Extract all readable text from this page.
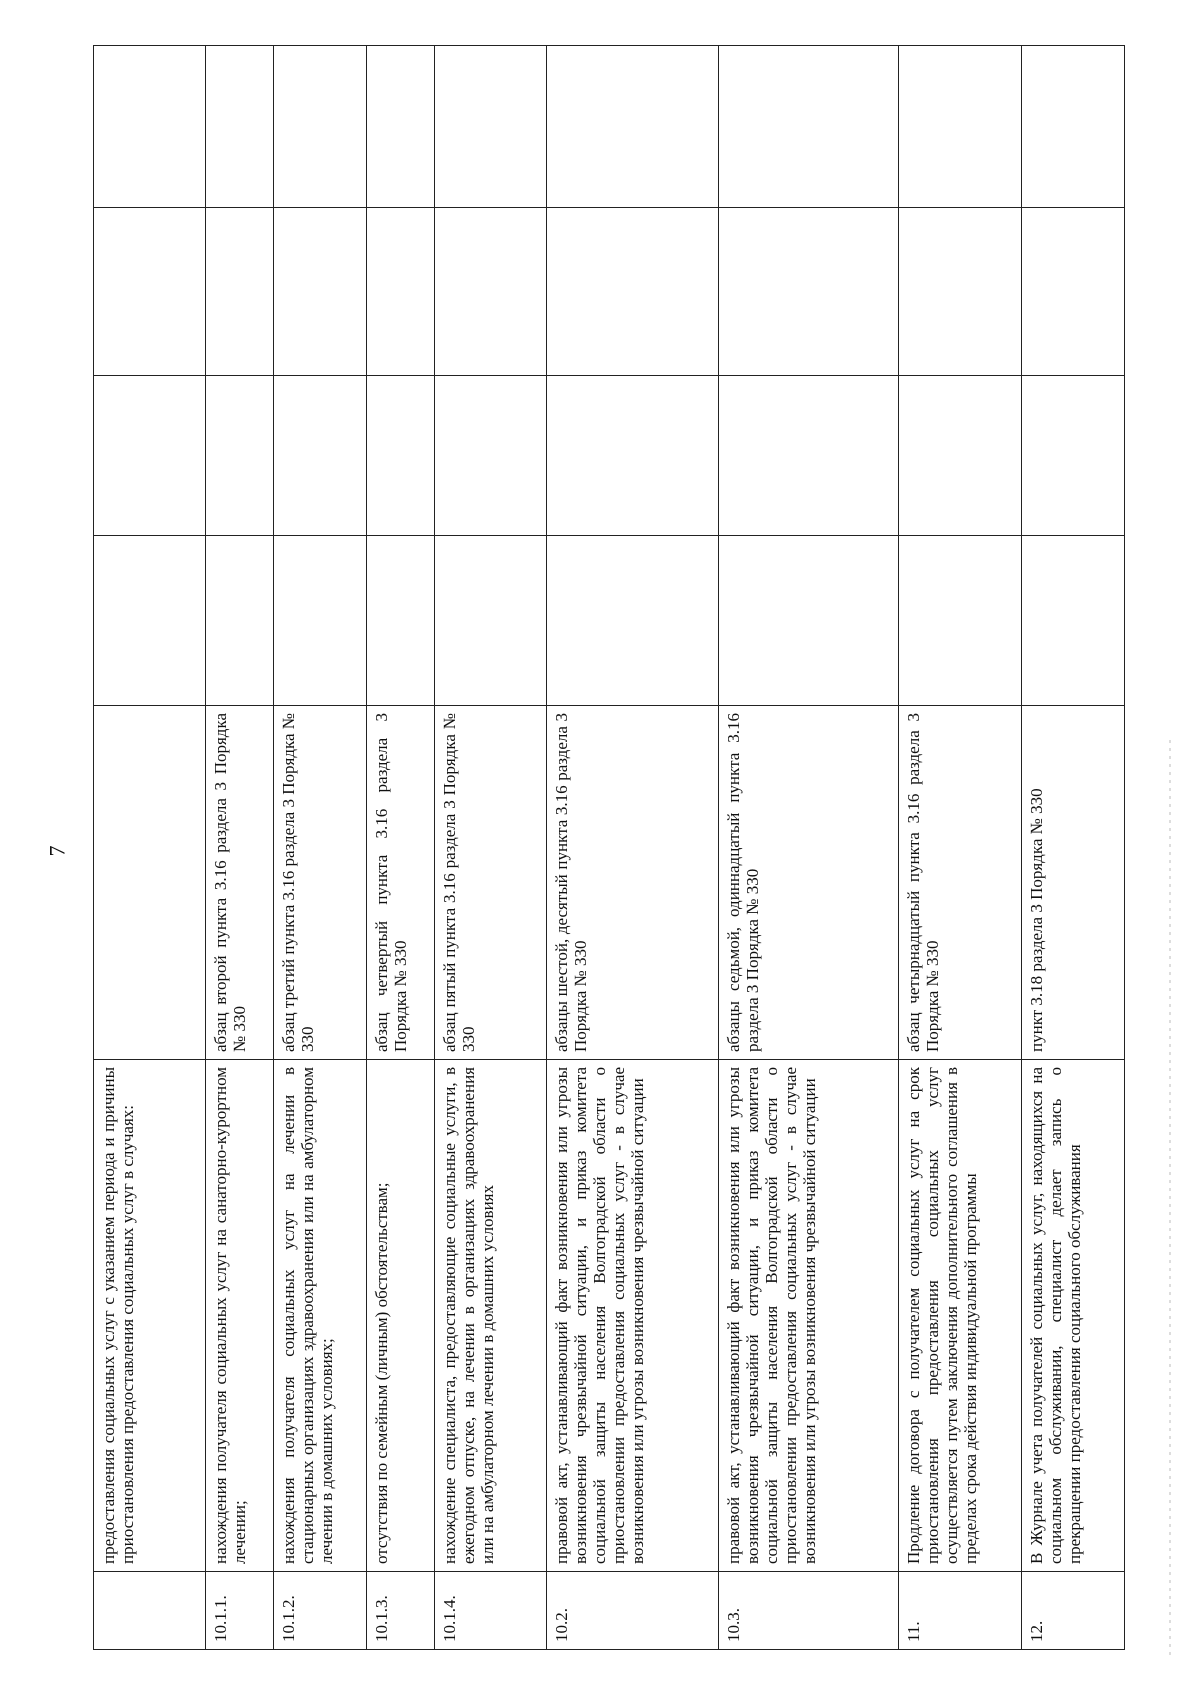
7
	предоставления социальных услуг с указанием периода и причины приостановления предоставления социальных услуг в случаях:					
10.1.1.	нахождения получателя социальных услуг на санаторно-курортном лечении;	абзац второй пункта 3.16 раздела 3 Порядка № 330				
10.1.2.	нахождения получателя социальных услуг на лечении в стационарных организациях здравоохранения или на амбулаторном лечении в домашних условиях;	абзац третий пункта 3.16 раздела 3 Порядка № 330				
10.1.3.	отсутствия по семейным (личным) обстоятельствам;	абзац четвертый пункта 3.16 раздела 3 Порядка № 330				
10.1.4.	нахождение специалиста, предоставляющие социальные услуги, в ежегодном отпуске, на лечении в организациях здравоохранения или на амбулаторном лечении в домашних условиях	абзац пятый пункта 3.16 раздела 3 Порядка № 330				
10.2.	правовой акт, устанавливающий факт возникновения или угрозы возникновения чрезвычайной ситуации, и приказ комитета социальной защиты населения Волгоградской области о приостановлении предоставления социальных услуг - в случае возникновения или угрозы возникновения чрезвычайной ситуации	абзацы шестой, десятый пункта 3.16 раздела 3 Порядка № 330				
10.3.	правовой акт, устанавливающий факт возникновения или угрозы возникновения чрезвычайной ситуации, и приказ комитета социальной защиты населения Волгоградской области о приостановлении предоставления социальных услуг - в случае возникновения или угрозы возникновения чрезвычайной ситуации	абзацы седьмой, одиннадцатый пункта 3.16 раздела 3 Порядка № 330				
11.	Продление договора с получателем социальных услуг на срок приостановления предоставления социальных услуг осуществляется путем заключения дополнительного соглашения в пределах срока действия индивидуальной программы	абзац четырнадцатый пункта 3.16 раздела 3 Порядка № 330				
12.	В Журнале учета получателей социальных услуг, находящихся на социальном обслуживании, специалист делает запись о прекращении предоставления социального обслуживания	пункт 3.18 раздела 3 Порядка № 330				
